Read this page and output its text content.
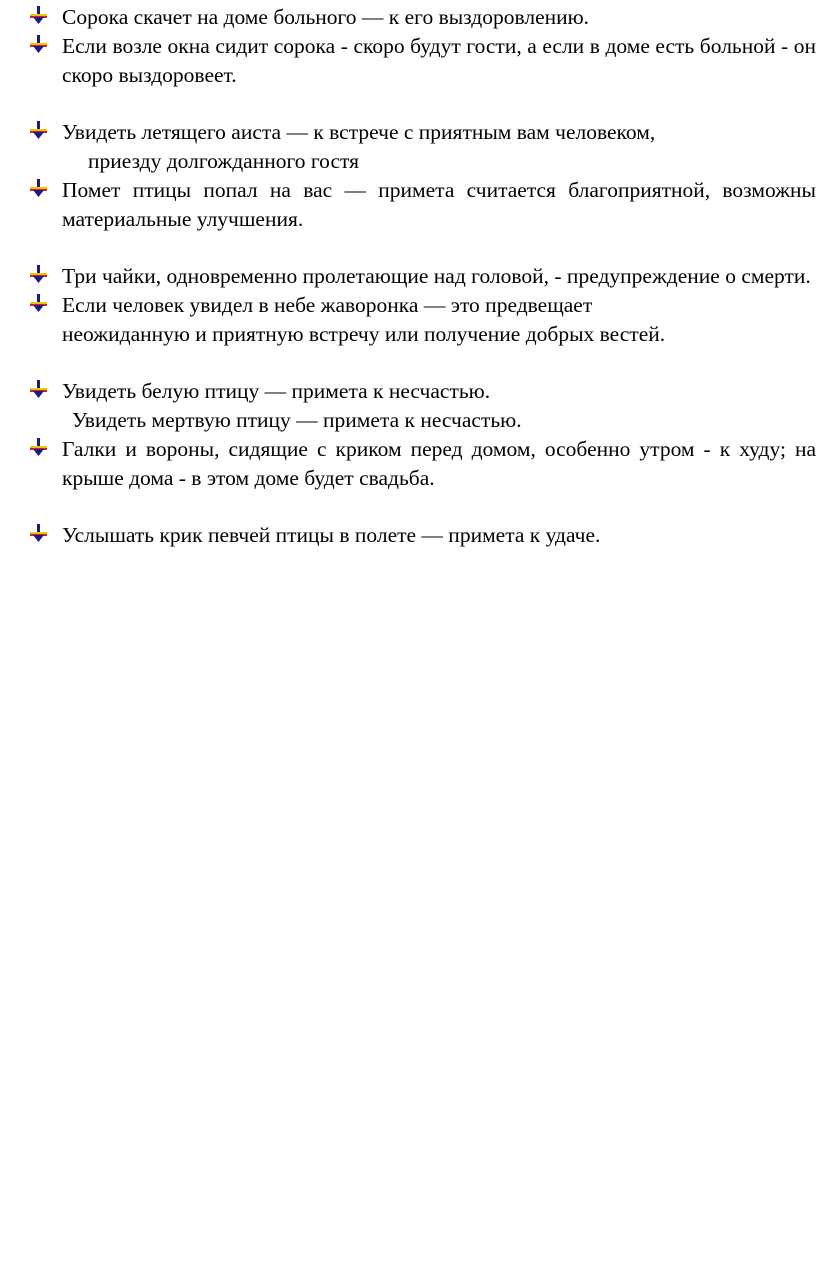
Сорока скачет на доме больного — к его выздоровлению.
Если возле окна сидит сорока - скоро будут гости, а если в доме есть больной - он скоро выздоровеет.
Увидеть летящего аиста — к встрече с приятным вам человеком,
приезду долгожданного гостя
Помет птицы попал на вас — примета считается благоприятной, возможны материальные улучшения.
Три чайки, одновременно пролетающие над головой, - предупреждение о смерти.
Если человек увидел в небе жаворонка — это предвещает
неожиданную и приятную встречу или получение добрых вестей.
Увидеть белую птицу — примета к несчастью.
Увидеть мертвую птицу — примета к несчастью.
Галки и вороны, сидящие с криком перед домом, особенно утром - к худу; на крыше дома - в этом доме будет свадьба.
Услышать крик певчей птицы в полете — примета к удаче.
